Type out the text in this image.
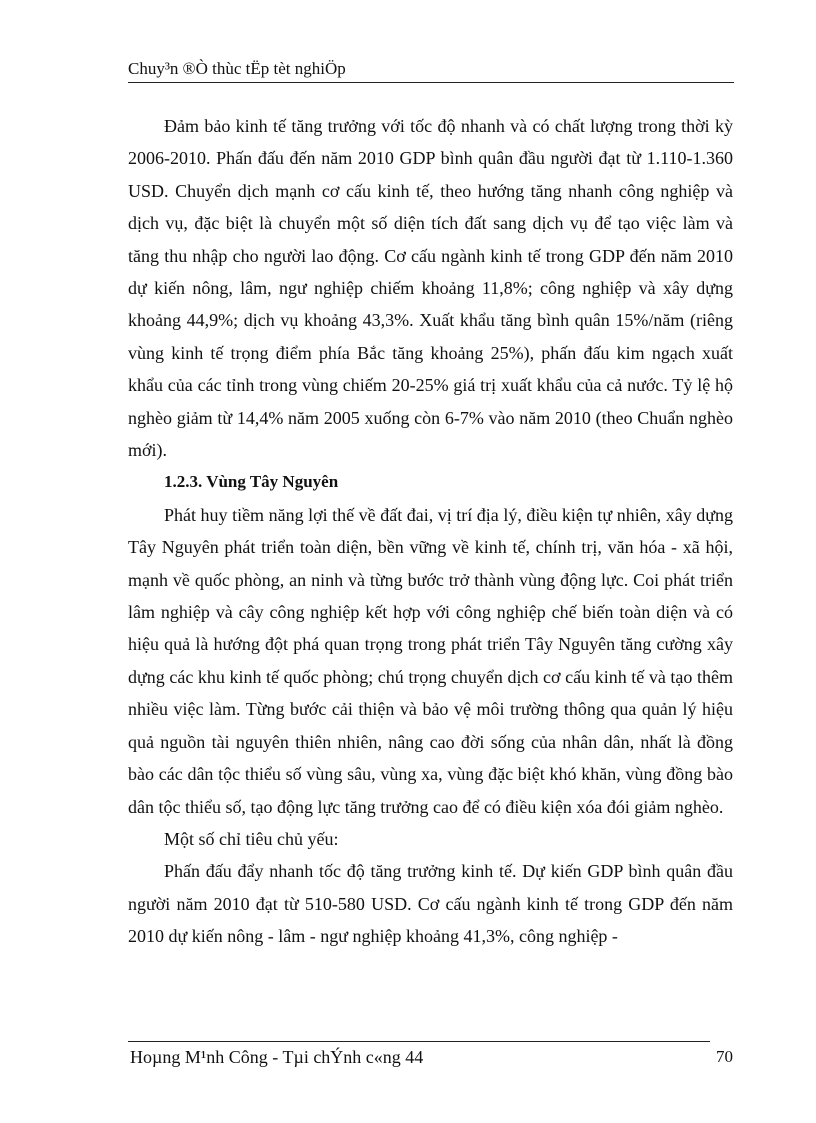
Chuy³n ®Ò thùc tËp tèt nghiÖp

Đảm bảo kinh tế tăng trưởng với tốc độ nhanh và có chất lượng trong thời kỳ 2006-2010. Phấn đấu đến năm 2010 GDP bình quân đầu người đạt từ 1.110-1.360 USD. Chuyển dịch mạnh cơ cấu kinh tế, theo hướng tăng nhanh công nghiệp và dịch vụ, đặc biệt là chuyển một số diện tích đất sang dịch vụ để tạo việc làm và tăng thu nhập cho người lao động. Cơ cấu ngành kinh tế trong GDP đến năm 2010 dự kiến nông, lâm, ngư nghiệp chiếm khoảng 11,8%; công nghiệp và xây dựng khoảng 44,9%; dịch vụ khoảng 43,3%. Xuất khẩu tăng bình quân 15%/năm (riêng vùng kinh tế trọng điểm phía Bắc tăng khoảng 25%), phấn đấu kim ngạch xuất khẩu của các tỉnh trong vùng chiếm 20-25% giá trị xuất khẩu của cả nước. Tỷ lệ hộ nghèo giảm từ 14,4% năm 2005 xuống còn 6-7% vào năm 2010 (theo Chuẩn nghèo mới).

1.2.3. Vùng Tây Nguyên

Phát huy tiềm năng lợi thế về đất đai, vị trí địa lý, điều kiện tự nhiên, xây dựng Tây Nguyên phát triển toàn diện, bền vững về kinh tế, chính trị, văn hóa - xã hội, mạnh về quốc phòng, an ninh và từng bước trở thành vùng động lực. Coi phát triển lâm nghiệp và cây công nghiệp kết hợp với công nghiệp chế biến toàn diện và có hiệu quả là hướng đột phá quan trọng trong phát triển Tây Nguyên tăng cường xây dựng các khu kinh tế quốc phòng; chú trọng chuyển dịch cơ cấu kinh tế và tạo thêm nhiều việc làm. Từng bước cải thiện và bảo vệ môi trường thông qua quản lý hiệu quả nguồn tài nguyên thiên nhiên, nâng cao đời sống của nhân dân, nhất là đồng bào các dân tộc thiểu số vùng sâu, vùng xa, vùng đặc biệt khó khăn, vùng đồng bào dân tộc thiểu số, tạo động lực tăng trưởng cao để có điều kiện xóa đói giảm nghèo.

Một số chỉ tiêu chủ yếu:

Phấn đấu đẩy nhanh tốc độ tăng trưởng kinh tế. Dự kiến GDP bình quân đầu người năm 2010 đạt từ 510-580 USD. Cơ cấu ngành kinh tế trong GDP đến năm 2010 dự kiến nông - lâm - ngư nghiệp khoảng 41,3%, công nghiệp -

Hoµng M¹nh Công - Tµi chÝnh c«ng 44	70
